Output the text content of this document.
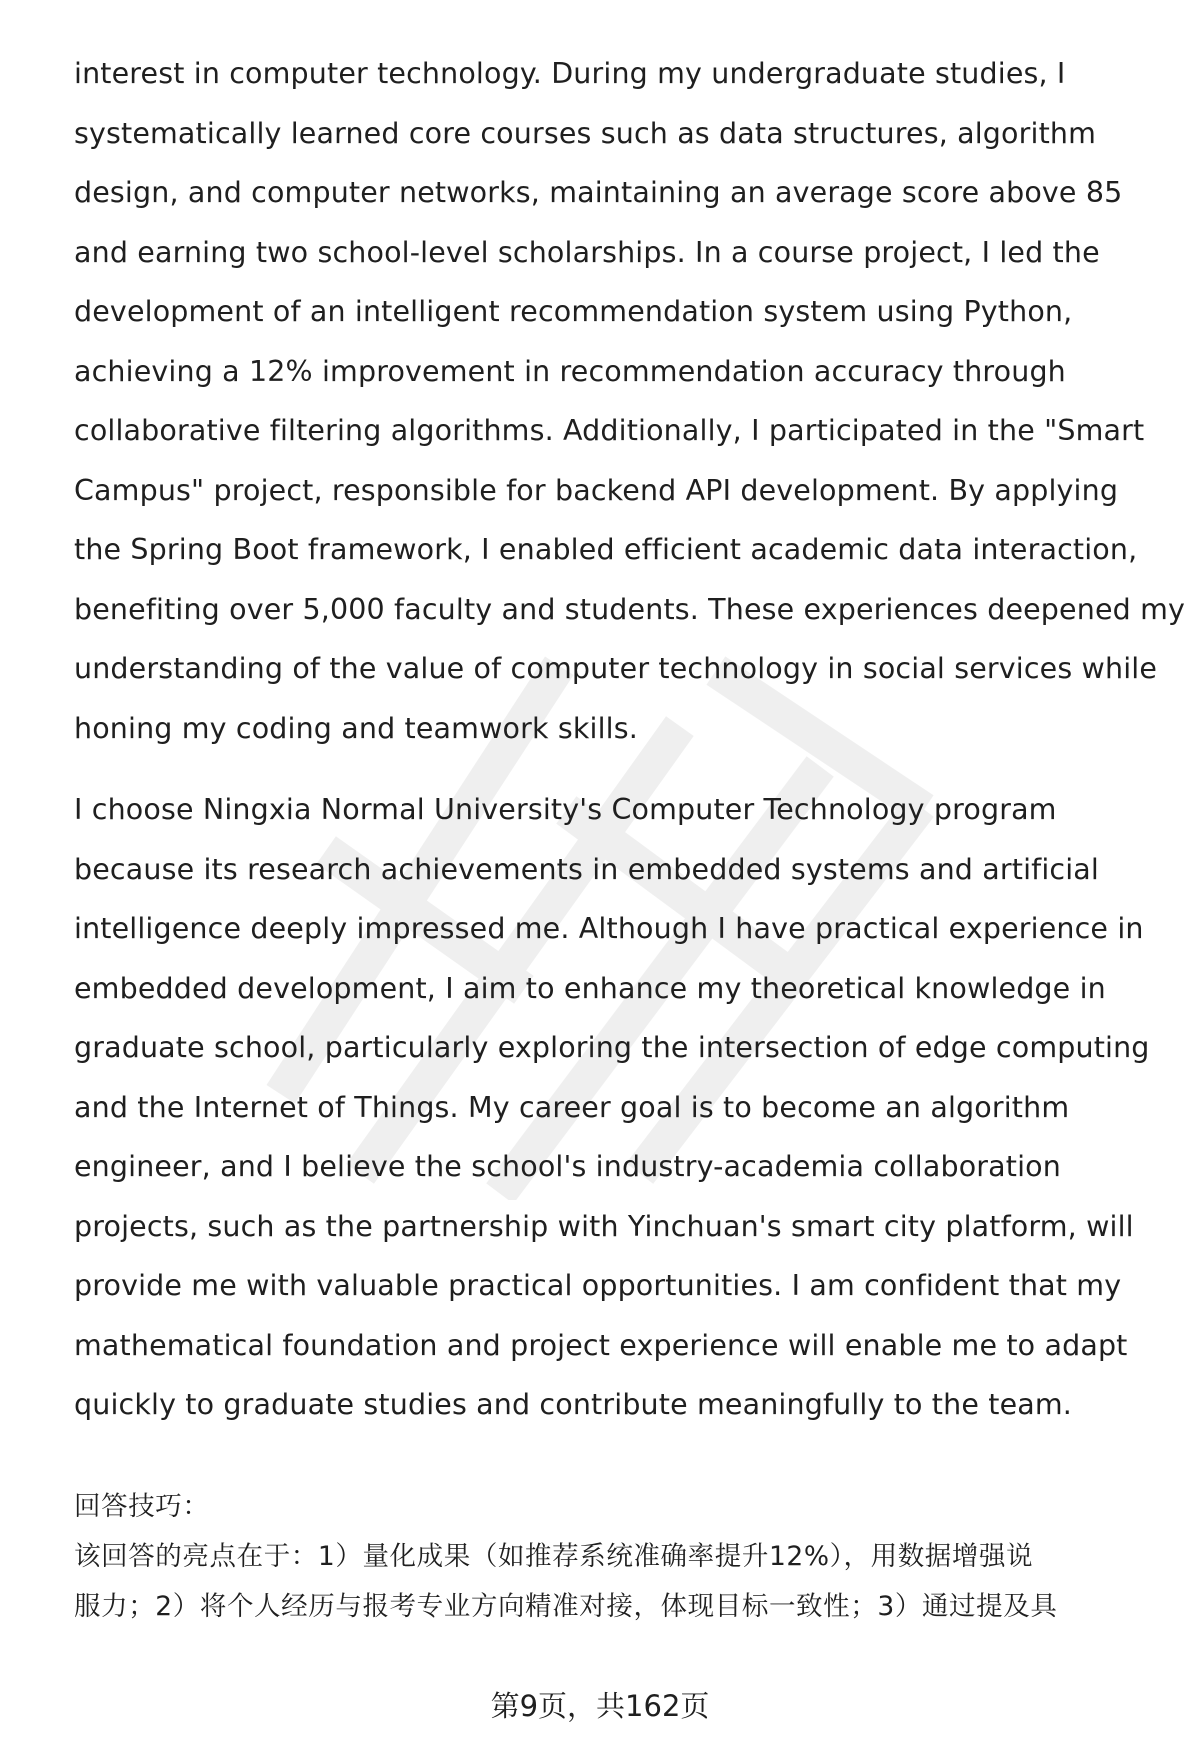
interest in computer technology. During my undergraduate studies, I
systematically learned core courses such as data structures, algorithm
design, and computer networks, maintaining an average score above 85
and earning two school-level scholarships. In a course project, I led the
development of an intelligent recommendation system using Python,
achieving a 12% improvement in recommendation accuracy through
collaborative filtering algorithms. Additionally, I participated in the "Smart
Campus" project, responsible for backend API development. By applying
the Spring Boot framework, I enabled efficient academic data interaction,
benefiting over 5,000 faculty and students. These experiences deepened my
understanding of the value of computer technology in social services while
honing my coding and teamwork skills.

I choose Ningxia Normal University's Computer Technology program
because its research achievements in embedded systems and artificial
intelligence deeply impressed me. Although I have practical experience in
embedded development, I aim to enhance my theoretical knowledge in
graduate school, particularly exploring the intersection of edge computing
and the Internet of Things. My career goal is to become an algorithm
engineer, and I believe the school's industry-academia collaboration
projects, such as the partnership with Yinchuan's smart city platform, will
provide me with valuable practical opportunities. I am confident that my
mathematical foundation and project experience will enable me to adapt
quickly to graduate studies and contribute meaningfully to the team.

回答技巧：
该回答的亮点在于：1）量化成果（如推荐系统准确率提升12%），用数据增强说
服力；2）将个人经历与报考专业方向精准对接，体现目标一致性；3）通过提及具
第9页，共162页
